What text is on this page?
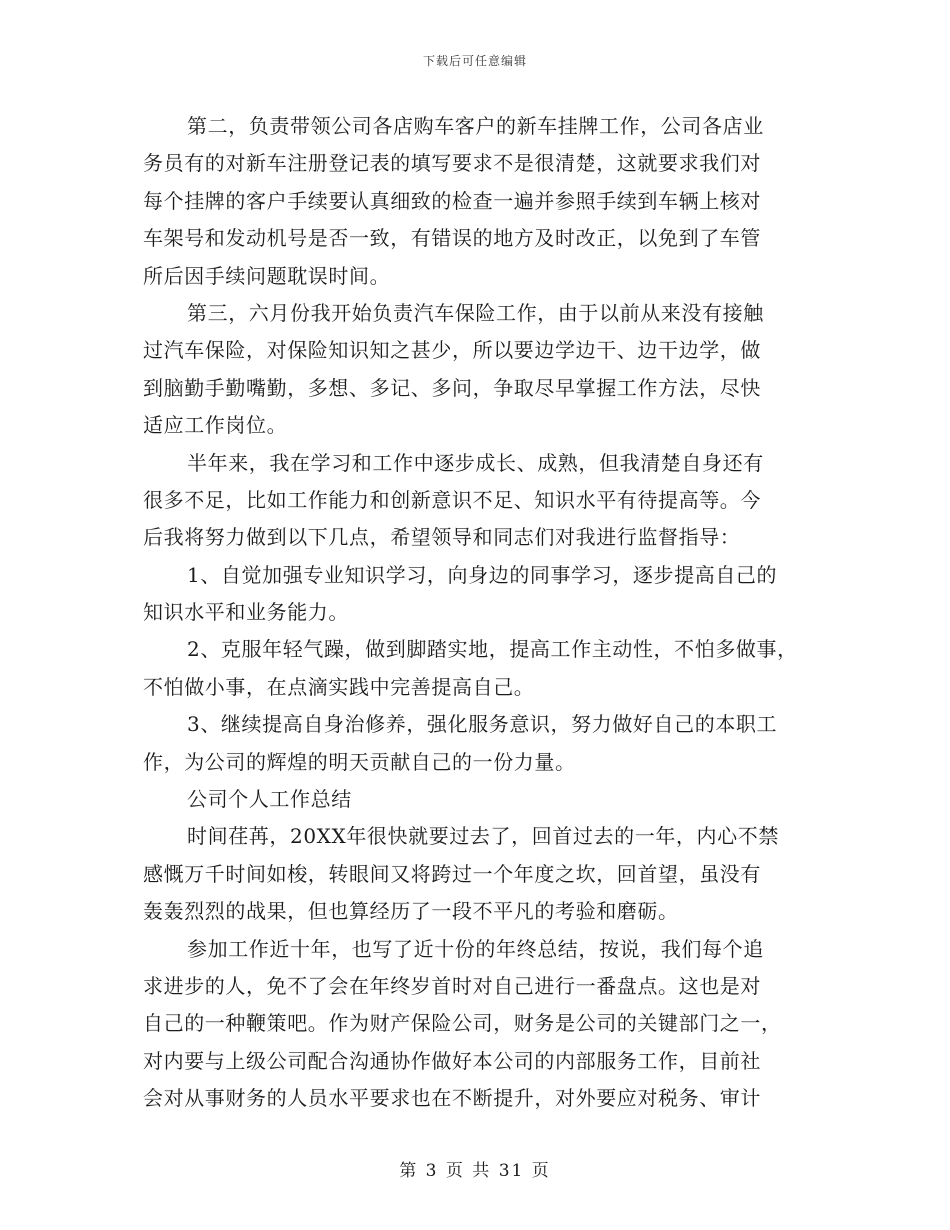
下载后可任意编辑
第二，负责带领公司各店购车客户的新车挂牌工作，公司各店业
务员有的对新车注册登记表的填写要求不是很清楚，这就要求我们对
每个挂牌的客户手续要认真细致的检查一遍并参照手续到车辆上核对
车架号和发动机号是否一致，有错误的地方及时改正，以免到了车管
所后因手续问题耽误时间。
第三，六月份我开始负责汽车保险工作，由于以前从来没有接触
过汽车保险，对保险知识知之甚少，所以要边学边干、边干边学，做
到脑勤手勤嘴勤，多想、多记、多问，争取尽早掌握工作方法，尽快
适应工作岗位。
半年来，我在学习和工作中逐步成长、成熟，但我清楚自身还有
很多不足，比如工作能力和创新意识不足、知识水平有待提高等。今
后我将努力做到以下几点，希望领导和同志们对我进行监督指导：
1、自觉加强专业知识学习，向身边的同事学习，逐步提高自己的
知识水平和业务能力。
2、克服年轻气躁，做到脚踏实地，提高工作主动性，不怕多做事，
不怕做小事，在点滴实践中完善提高自己。
3、继续提高自身治修养，强化服务意识，努力做好自己的本职工
作，为公司的辉煌的明天贡献自己的一份力量。
公司个人工作总结
时间荏苒，20XX年很快就要过去了，回首过去的一年，内心不禁
感慨万千时间如梭，转眼间又将跨过一个年度之坎，回首望，虽没有
轰轰烈烈的战果，但也算经历了一段不平凡的考验和磨砺。
参加工作近十年，也写了近十份的年终总结，按说，我们每个追
求进步的人，免不了会在年终岁首时对自己进行一番盘点。这也是对
自己的一种鞭策吧。作为财产保险公司，财务是公司的关键部门之一，
对内要与上级公司配合沟通协作做好本公司的内部服务工作，目前社
会对从事财务的人员水平要求也在不断提升，对外要应对税务、审计
第 3 页 共 31 页
